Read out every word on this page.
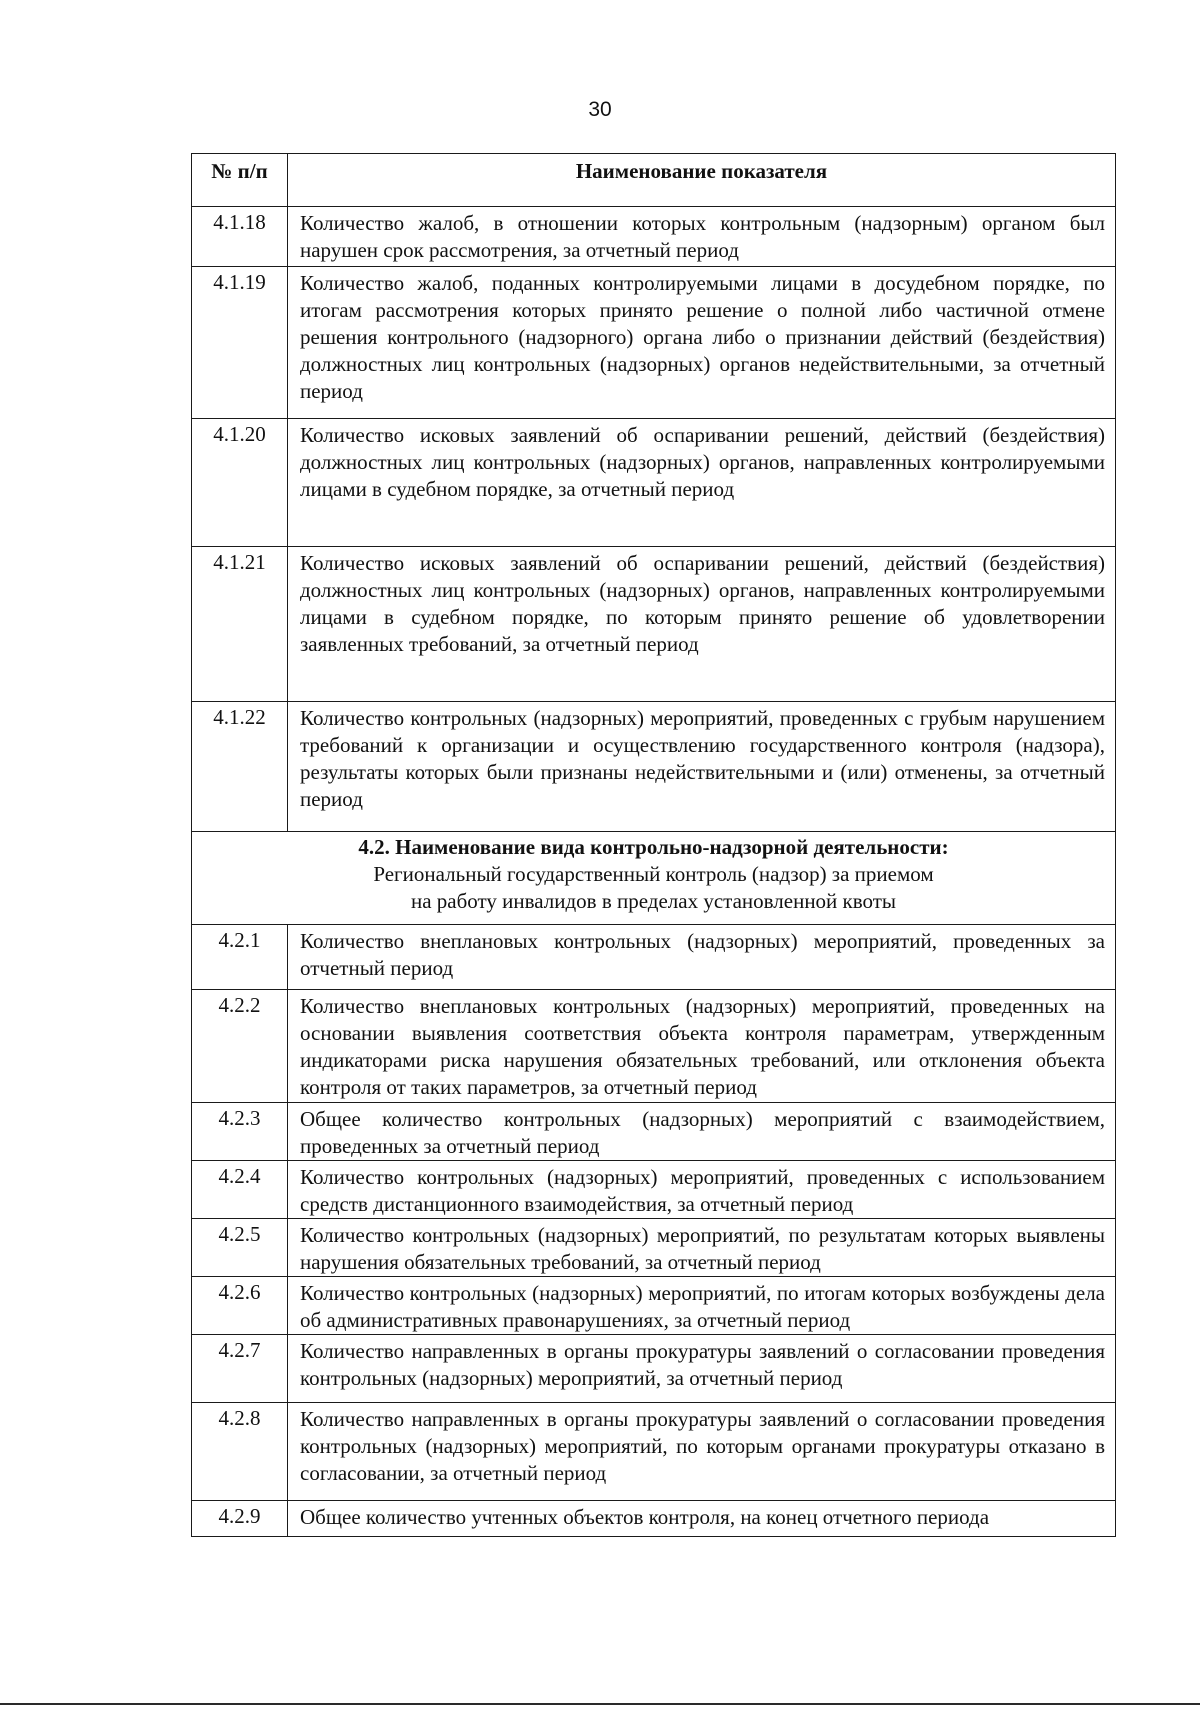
30
№ п/п	Наименование показателя
4.1.18	Количество жалоб, в отношении которых контрольным (надзорным) органом был нарушен срок рассмотрения, за отчетный период
4.1.19	Количество жалоб, поданных контролируемыми лицами в досудебном порядке, по итогам рассмотрения которых принято решение о полной либо частичной отмене решения контрольного (надзорного) органа либо о признании действий (бездействия) должностных лиц контрольных (надзорных) органов недействительными, за отчетный период
4.1.20	Количество исковых заявлений об оспаривании решений, действий (бездействия) должностных лиц контрольных (надзорных) органов, направленных контролируемыми лицами в судебном порядке, за отчетный период
4.1.21	Количество исковых заявлений об оспаривании решений, действий (бездействия) должностных лиц контрольных (надзорных) органов, направленных контролируемыми лицами в судебном порядке, по которым принято решение об удовлетворении заявленных требований, за отчетный период
4.1.22	Количество контрольных (надзорных) мероприятий, проведенных с грубым нарушением требований к организации и осуществлению государственного контроля (надзора), результаты которых были признаны недействительными и (или) отменены, за отчетный период

4.2. Наименование вида контрольно-надзорной деятельности:
Региональный государственный контроль (надзор) за приемом
на работу инвалидов в пределах установленной квоты	

4.2.1	Количество внеплановых контрольных (надзорных) мероприятий, проведенных за отчетный период
4.2.2	Количество внеплановых контрольных (надзорных) мероприятий, проведенных на основании выявления соответствия объекта контроля параметрам, утвержденным индикаторами риска нарушения обязательных требований, или отклонения объекта контроля от таких параметров, за отчетный период
4.2.3	Общее количество контрольных (надзорных) мероприятий с взаимодействием, проведенных за отчетный период
4.2.4	Количество контрольных (надзорных) мероприятий, проведенных с использованием средств дистанционного взаимодействия, за отчетный период
4.2.5	Количество контрольных (надзорных) мероприятий, по результатам которых выявлены нарушения обязательных требований, за отчетный период
4.2.6	Количество контрольных (надзорных) мероприятий, по итогам которых возбуждены дела об административных правонарушениях, за отчетный период
4.2.7	Количество направленных в органы прокуратуры заявлений о согласовании проведения контрольных (надзорных) мероприятий, за отчетный период
4.2.8	Количество направленных в органы прокуратуры заявлений о согласовании проведения контрольных (надзорных) мероприятий, по которым органами прокуратуры отказано в согласовании, за отчетный период
4.2.9	Общее количество учтенных объектов контроля, на конец отчетного периода
